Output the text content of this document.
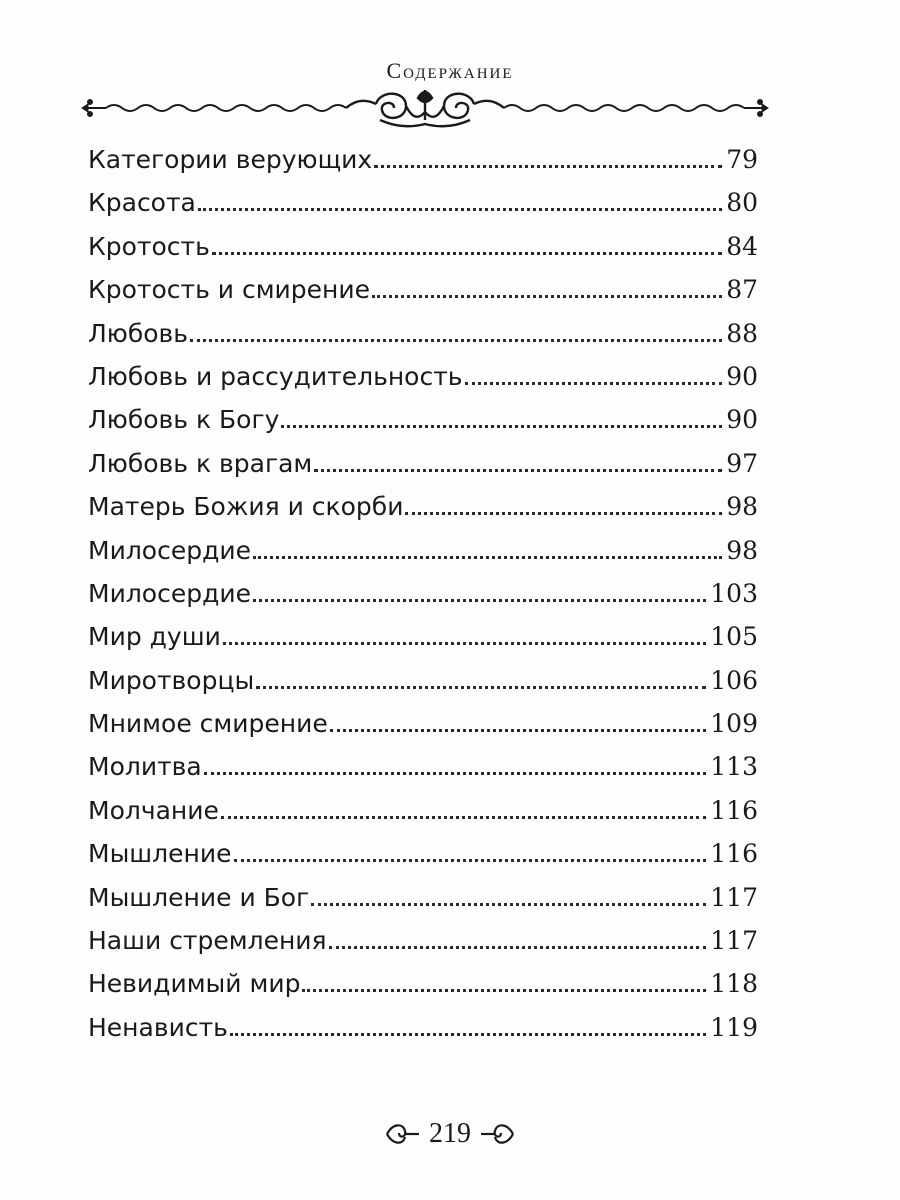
Содержание
Категории верующих	79
Красота	80
Кротость	84
Кротость и смирение	87
Любовь	88
Любовь и рассудительность	90
Любовь к Богу	90
Любовь к врагам	97
Матерь Божия и скорби	98
Милосердие	98
Милосердие	103
Мир души	105
Миротворцы	106
Мнимое смирение	109
Молитва	113
Молчание	116
Мышление	116
Мышление и Бог	117
Наши стремления	117
Невидимый мир	118
Ненависть	119
219
